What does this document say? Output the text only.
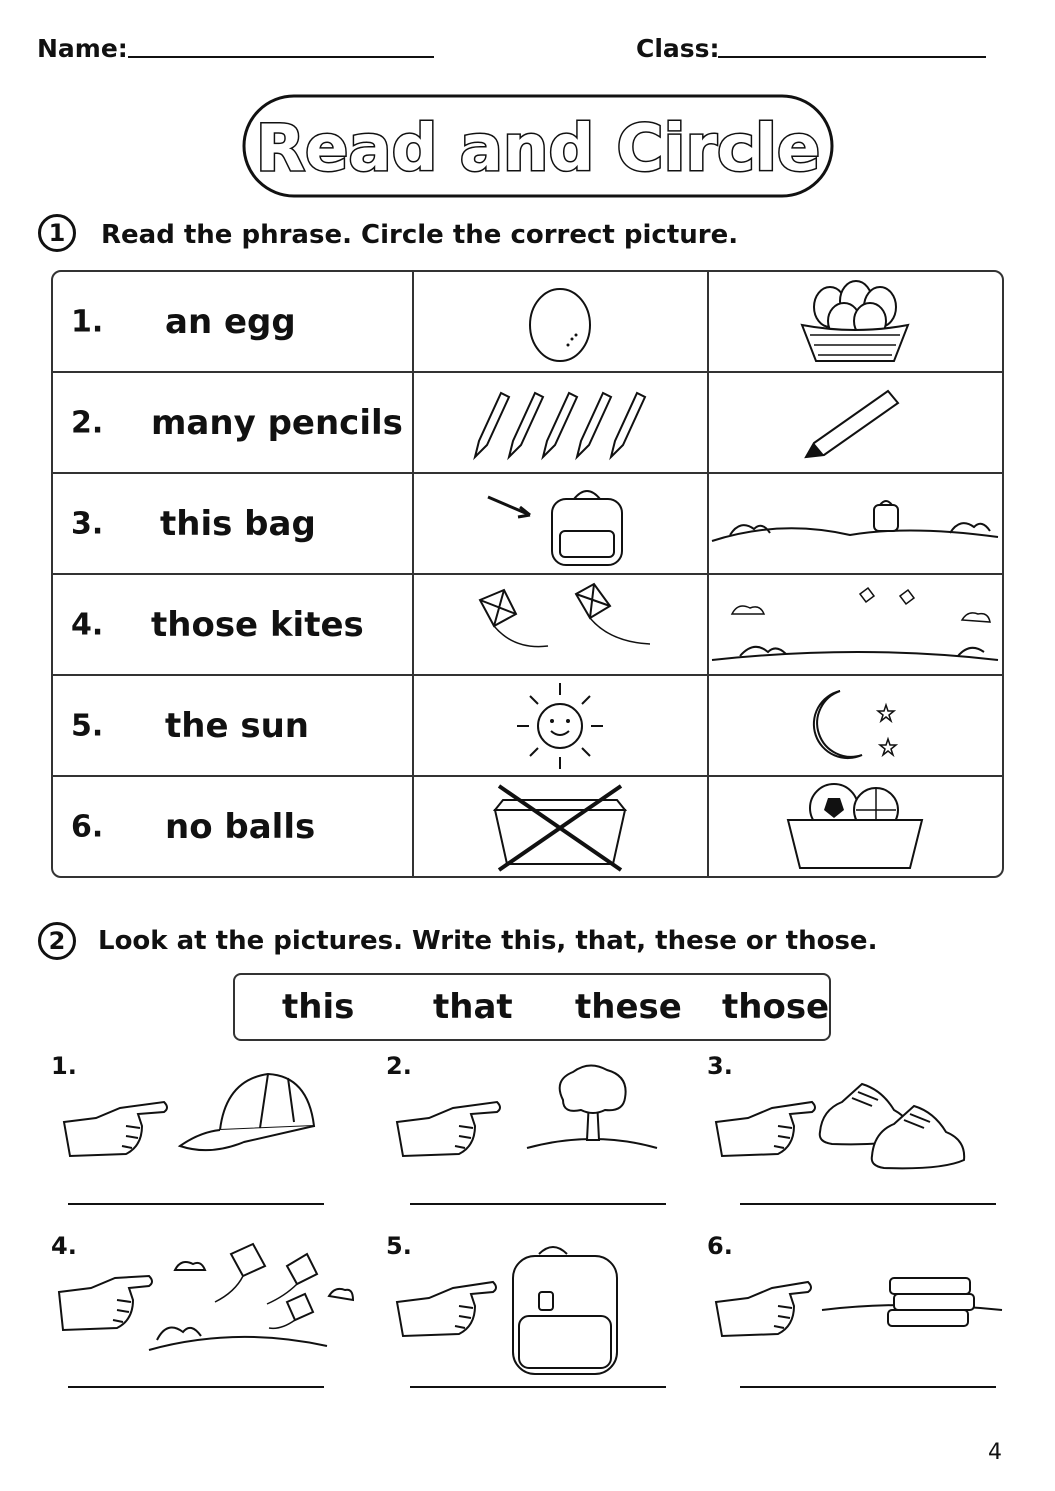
Name:	Class:
Read and Circle
1	Read the phrase. Circle the correct picture.
1. an egg

2. many pencils

3. this bag

4. those kites

5. the sun

6. no balls

2	Look at the pictures. Write this, that, these or those.
this that these those
1.	2.	3.
4.	5.	6.
4
